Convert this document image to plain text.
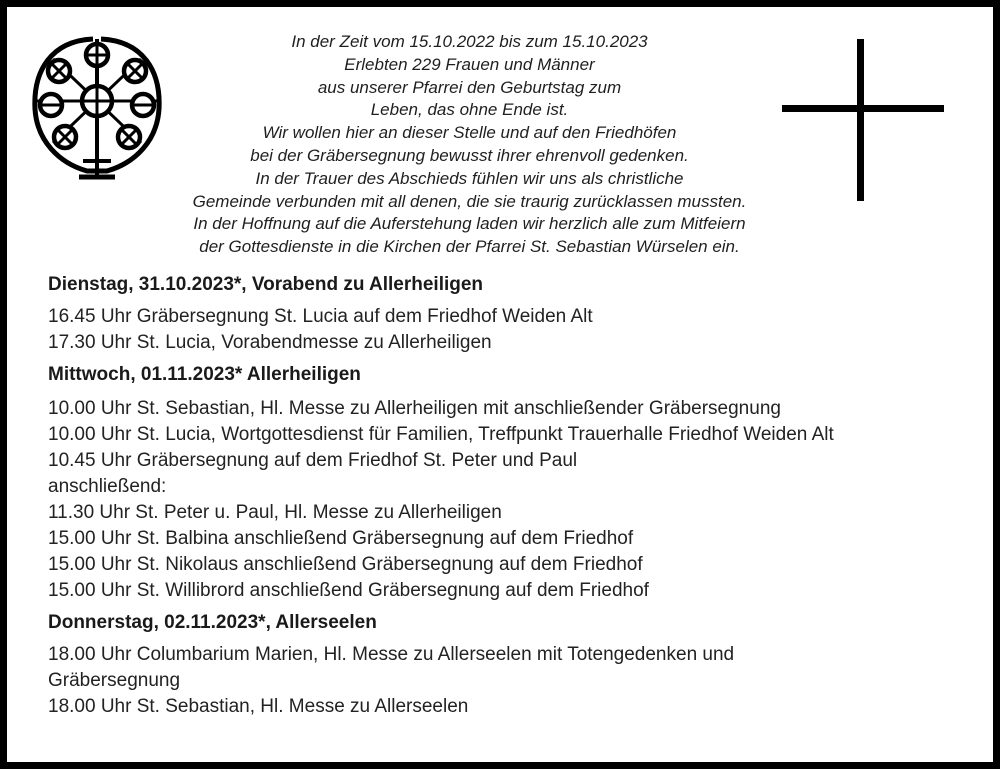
In der Zeit vom 15.10.2022 bis zum 15.10.2023
Erlebten 229 Frauen und Männer
aus unserer Pfarrei den Geburtstag zum
Leben, das ohne Ende ist.
Wir wollen hier an dieser Stelle und auf den Friedhöfen
bei der Gräbersegnung bewusst ihrer ehrenvoll gedenken.
In der Trauer des Abschieds fühlen wir uns als christliche
Gemeinde verbunden mit all denen, die sie traurig zurücklassen mussten.
In der Hoffnung auf die Auferstehung laden wir herzlich alle zum Mitfeiern
der Gottesdienste in die Kirchen der Pfarrei St. Sebastian Würselen ein.
Dienstag, 31.10.2023*, Vorabend zu Allerheiligen
16.45 Uhr Gräbersegnung St. Lucia auf dem Friedhof Weiden Alt
17.30 Uhr St. Lucia, Vorabendmesse zu Allerheiligen
Mittwoch, 01.11.2023* Allerheiligen
10.00 Uhr St. Sebastian, Hl. Messe zu Allerheiligen mit anschließender Gräbersegnung
10.00 Uhr St. Lucia, Wortgottesdienst für Familien, Treffpunkt Trauerhalle Friedhof Weiden Alt
10.45 Uhr Gräbersegnung auf dem Friedhof St. Peter und Paul
anschließend:
11.30 Uhr St. Peter u. Paul, Hl. Messe zu Allerheiligen
15.00 Uhr St. Balbina anschließend Gräbersegnung auf dem Friedhof
15.00 Uhr St. Nikolaus anschließend Gräbersegnung auf dem Friedhof
15.00 Uhr St. Willibrord anschließend Gräbersegnung auf dem Friedhof
Donnerstag, 02.11.2023*, Allerseelen
18.00 Uhr Columbarium Marien, Hl. Messe zu Allerseelen mit Totengedenken und
Gräbersegnung
18.00 Uhr St. Sebastian, Hl. Messe zu Allerseelen
